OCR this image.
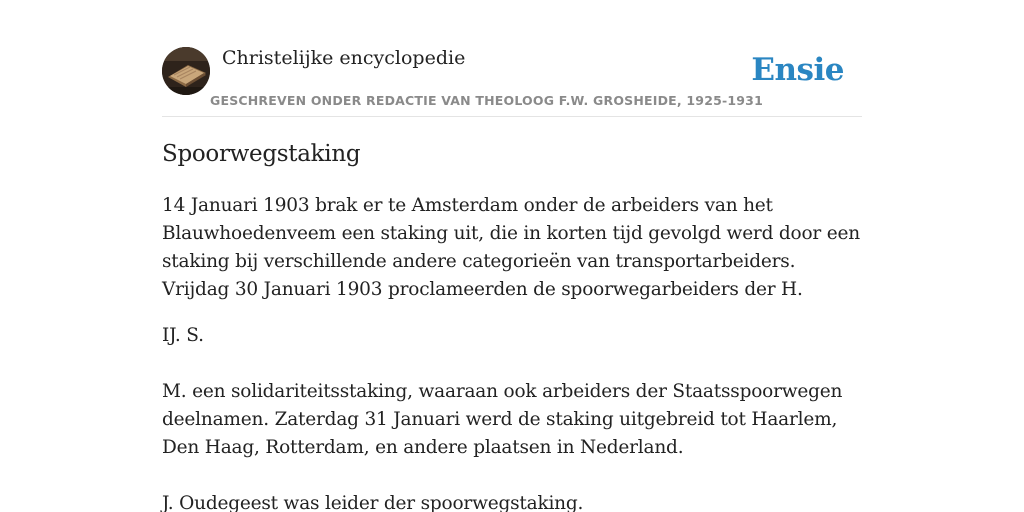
Christelijke encyclopedie
GESCHREVEN ONDER REDACTIE VAN THEOLOOG F.W. GROSHEIDE, 1925-1931
Ensie
Spoorwegstaking

14 Januari 1903 brak er te Amsterdam onder de arbeiders van het Blauwhoedenveem een staking uit, die in korten tijd gevolgd werd door een staking bij verschillende andere categorieën van transportarbeiders. Vrijdag 30 Januari 1903 proclameerden de spoorwegarbeiders der H.

IJ. S.

M. een solidariteitsstaking, waaraan ook arbeiders der Staatsspoorwegen deelnamen. Zaterdag 31 Januari werd de staking uitgebreid tot Haarlem, Den Haag, Rotterdam, en andere plaatsen in Nederland.

J. Oudegeest was leider der spoorwegstaking.
